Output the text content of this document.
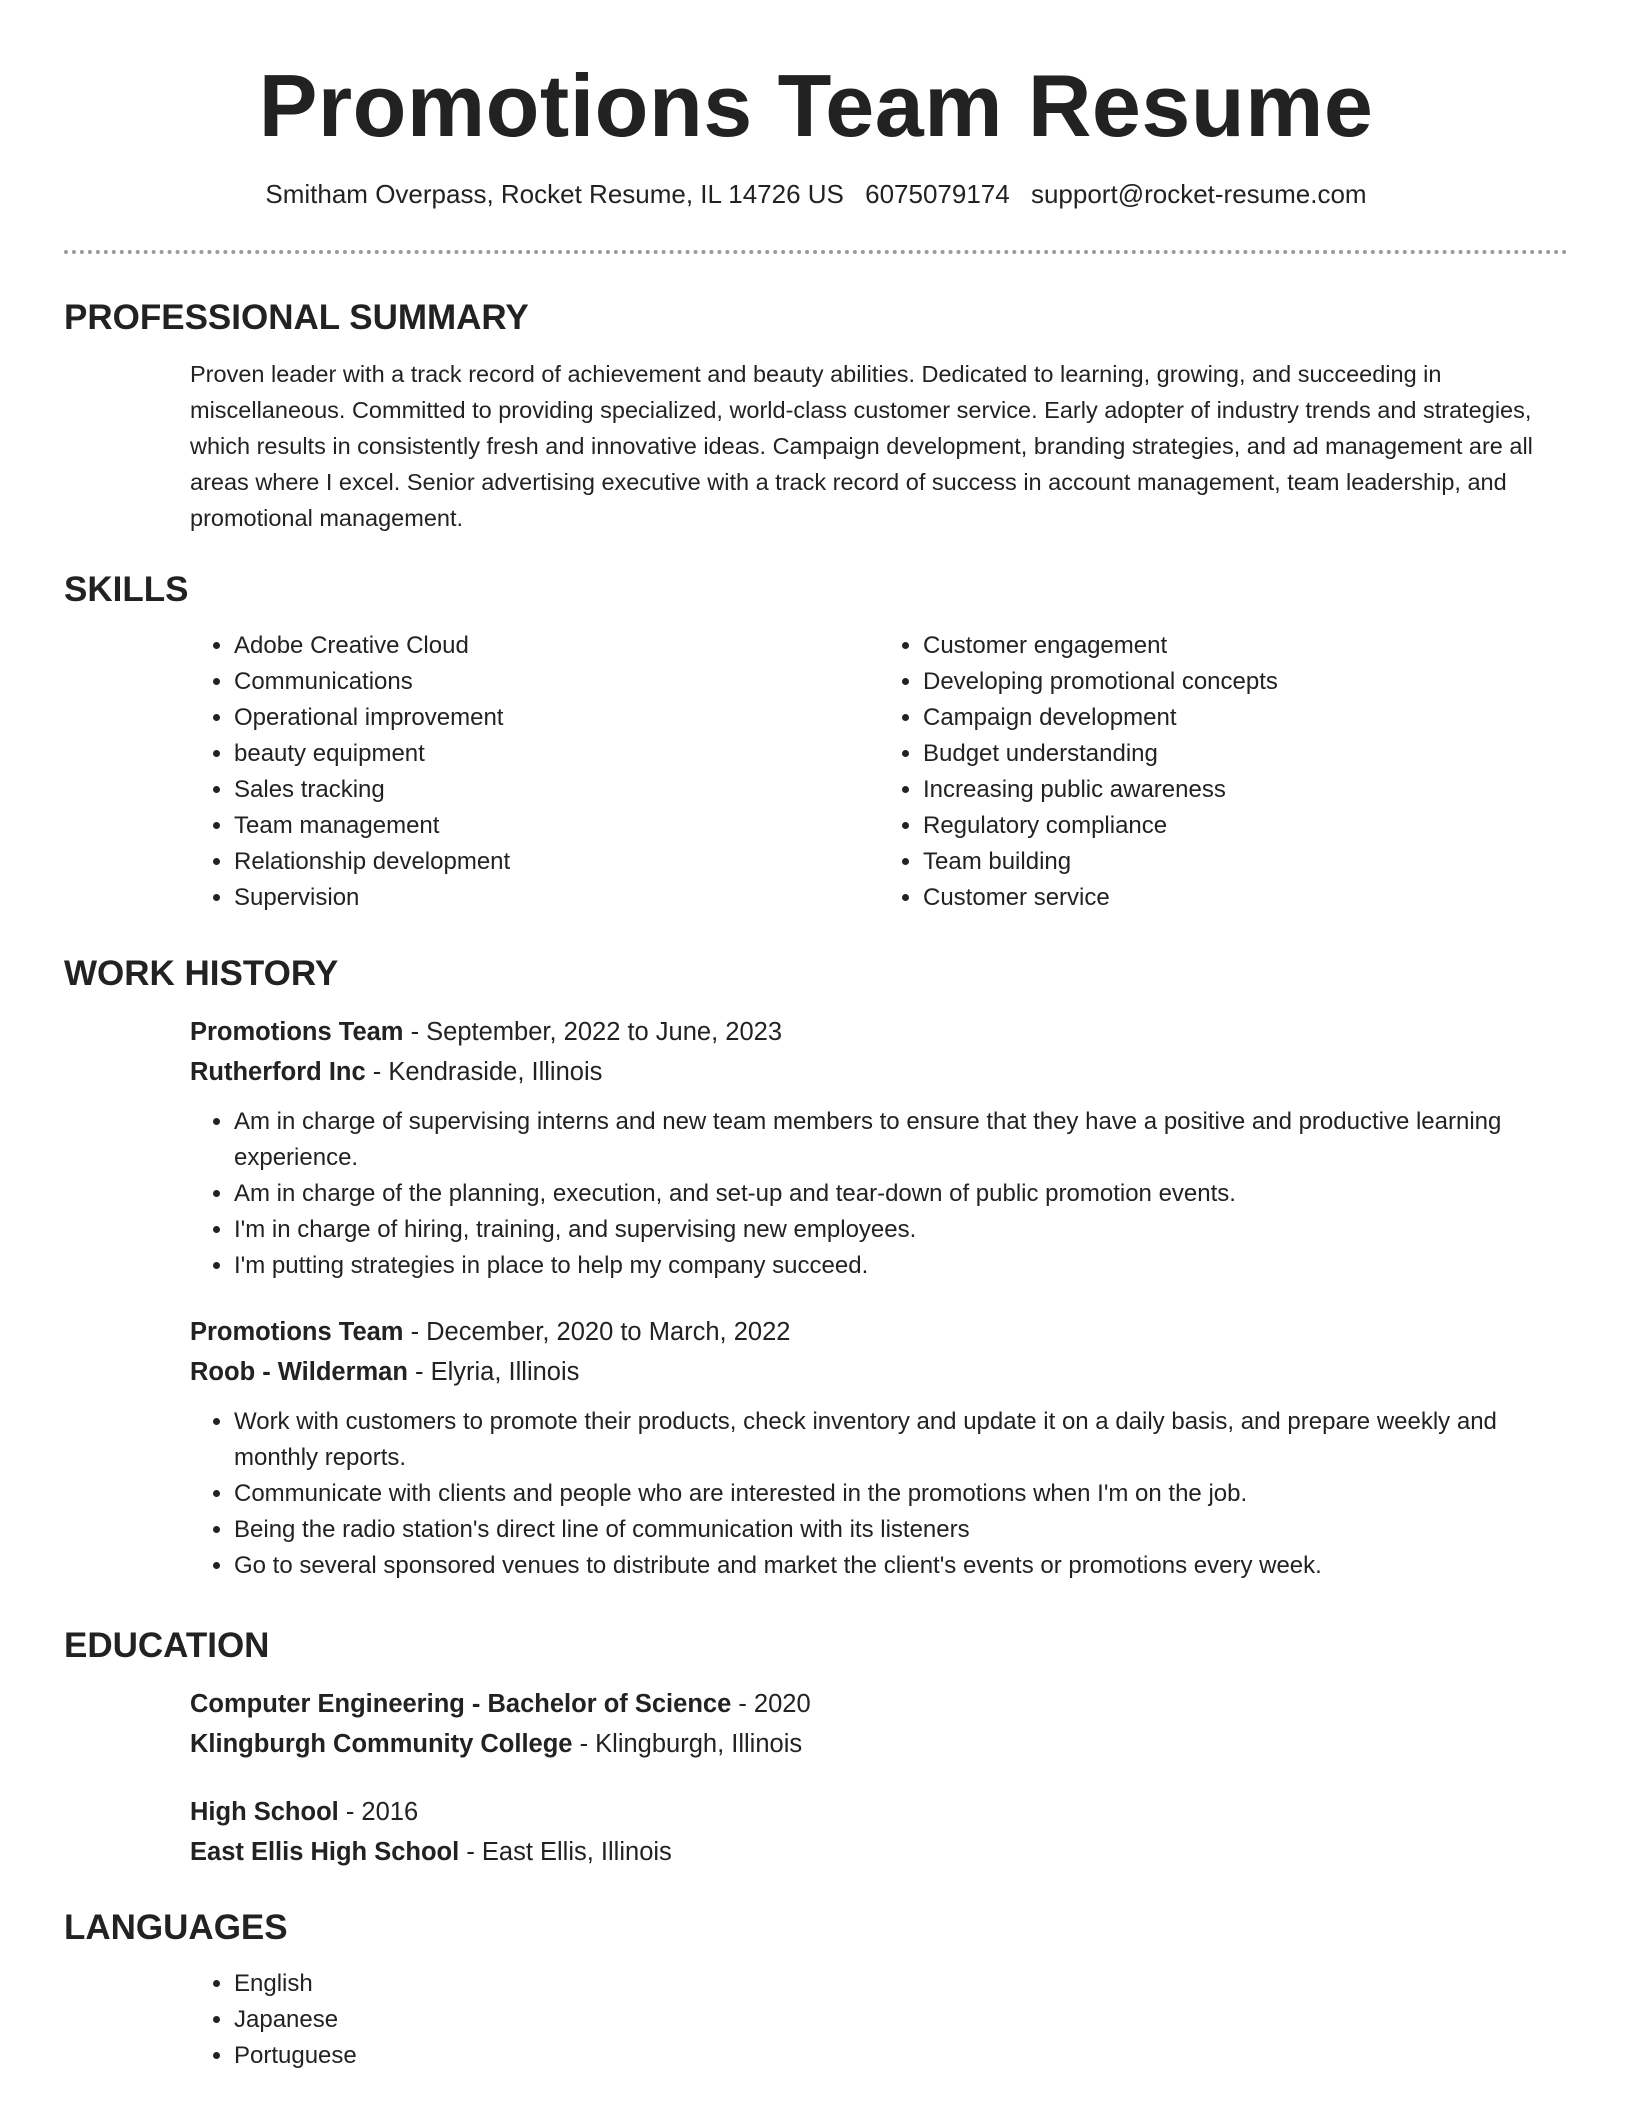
Promotions Team Resume
Smitham Overpass, Rocket Resume, IL 14726 US 6075079174 support@rocket-resume.com
PROFESSIONAL SUMMARY
Proven leader with a track record of achievement and beauty abilities. Dedicated to learning, growing, and succeeding in miscellaneous. Committed to providing specialized, world-class customer service. Early adopter of industry trends and strategies, which results in consistently fresh and innovative ideas. Campaign development, branding strategies, and ad management are all areas where I excel. Senior advertising executive with a track record of success in account management, team leadership, and promotional management.
SKILLS
• Adobe Creative Cloud
• Communications
• Operational improvement
• beauty equipment
• Sales tracking
• Team management
• Relationship development
• Supervision
• Customer engagement
• Developing promotional concepts
• Campaign development
• Budget understanding
• Increasing public awareness
• Regulatory compliance
• Team building
• Customer service
WORK HISTORY
Promotions Team - September, 2022 to June, 2023
Rutherford Inc - Kendraside, Illinois
• Am in charge of supervising interns and new team members to ensure that they have a positive and productive learning experience.
• Am in charge of the planning, execution, and set-up and tear-down of public promotion events.
• I'm in charge of hiring, training, and supervising new employees.
• I'm putting strategies in place to help my company succeed.
Promotions Team - December, 2020 to March, 2022
Roob - Wilderman - Elyria, Illinois
• Work with customers to promote their products, check inventory and update it on a daily basis, and prepare weekly and monthly reports.
• Communicate with clients and people who are interested in the promotions when I'm on the job.
• Being the radio station's direct line of communication with its listeners
• Go to several sponsored venues to distribute and market the client's events or promotions every week.
EDUCATION
Computer Engineering - Bachelor of Science - 2020
Klingburgh Community College - Klingburgh, Illinois
High School - 2016
East Ellis High School - East Ellis, Illinois
LANGUAGES
• English
• Japanese
• Portuguese
